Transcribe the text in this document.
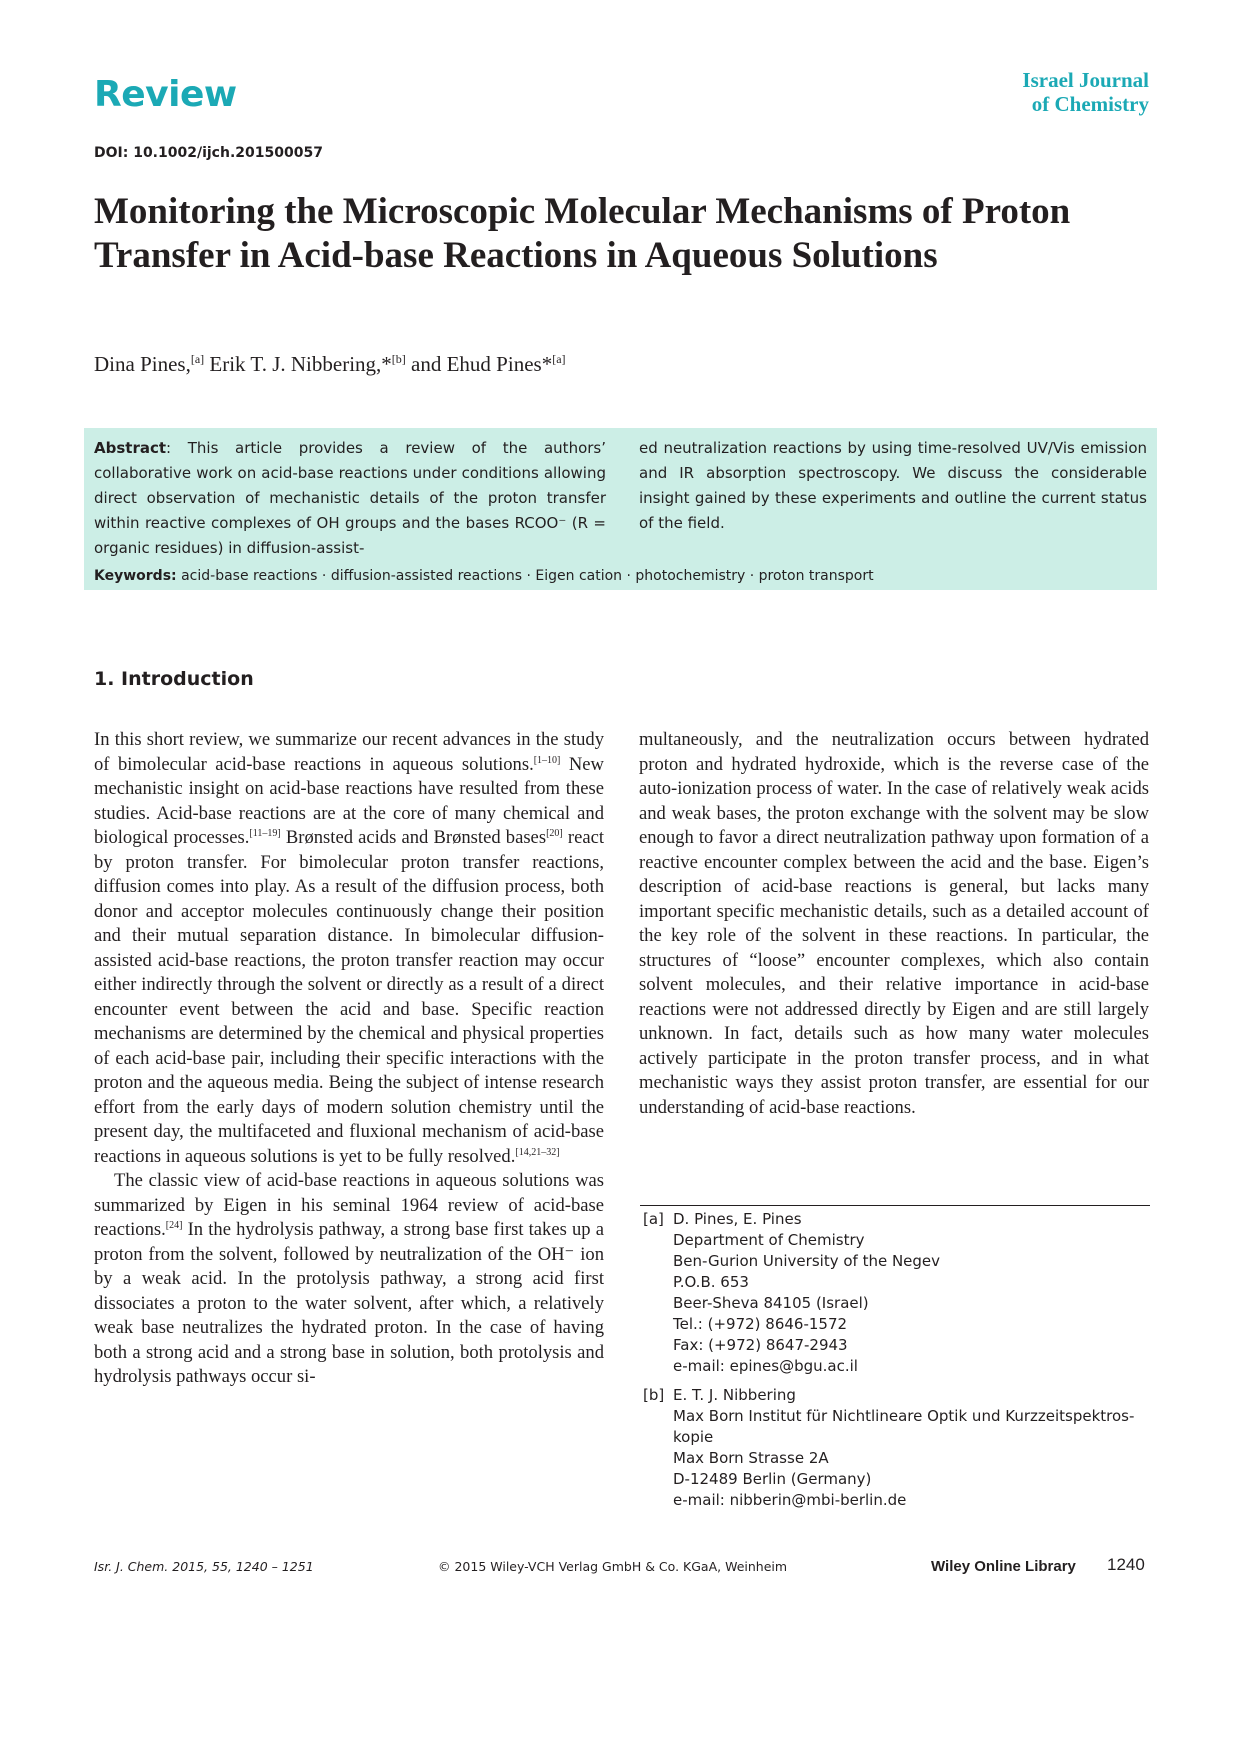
Review	Israel Journal
of Chemistry
DOI: 10.1002/ijch.201500057
Monitoring the Microscopic Molecular Mechanisms of Proton Transfer in Acid-base Reactions in Aqueous Solutions
Dina Pines,[a] Erik T. J. Nibbering,*[b] and Ehud Pines*[a]
Abstract: This article provides a review of the authors’ collaborative work on acid-base reactions under conditions allowing direct observation of mechanistic details of the proton transfer within reactive complexes of OH groups and the bases RCOO⁻ (R = organic residues) in diffusion-assist-
ed neutralization reactions by using time-resolved UV/Vis emission and IR absorption spectroscopy. We discuss the considerable insight gained by these experiments and outline the current status of the field.
Keywords: acid-base reactions · diffusion-assisted reactions · Eigen cation · photochemistry · proton transport
1. Introduction

In this short review, we summarize our recent advances in the study of bimolecular acid-base reactions in aqueous solutions.[1–10] New mechanistic insight on acid-base reactions have resulted from these studies. Acid-base reactions are at the core of many chemical and biological processes.[11–19] Brønsted acids and Brønsted bases[20] react by proton transfer. For bimolecular proton transfer reactions, diffusion comes into play. As a result of the diffusion process, both donor and acceptor molecules continuously change their position and their mutual separation distance. In bimolecular diffusion-assisted acid-base reactions, the proton transfer reaction may occur either indirectly through the solvent or directly as a result of a direct encounter event between the acid and base. Specific reaction mechanisms are determined by the chemical and physical properties of each acid-base pair, including their specific interactions with the proton and the aqueous media. Being the subject of intense research effort from the early days of modern solution chemistry until the present day, the multifaceted and fluxional mechanism of acid-base reactions in aqueous solutions is yet to be fully resolved.[14,21–32]

The classic view of acid-base reactions in aqueous solutions was summarized by Eigen in his seminal 1964 review of acid-base reactions.[24] In the hydrolysis pathway, a strong base first takes up a proton from the solvent, followed by neutralization of the OH⁻ ion by a weak acid. In the protolysis pathway, a strong acid first dissociates a proton to the water solvent, after which, a relatively weak base neutralizes the hydrated proton. In the case of having both a strong acid and a strong base in solution, both protolysis and hydrolysis pathways occur si-

multaneously, and the neutralization occurs between hydrated proton and hydrated hydroxide, which is the reverse case of the auto-ionization process of water. In the case of relatively weak acids and weak bases, the proton exchange with the solvent may be slow enough to favor a direct neutralization pathway upon formation of a reactive encounter complex between the acid and the base. Eigen’s description of acid-base reactions is general, but lacks many important specific mechanistic details, such as a detailed account of the key role of the solvent in these reactions. In particular, the structures of “loose” encounter complexes, which also contain solvent molecules, and their relative importance in acid-base reactions were not addressed directly by Eigen and are still largely unknown. In fact, details such as how many water molecules actively participate in the proton transfer process, and in what mechanistic ways they assist proton transfer, are essential for our understanding of acid-base reactions.

[a] D. Pines, E. Pines
Department of Chemistry
Ben-Gurion University of the Negev
P.O.B. 653
Beer-Sheva 84105 (Israel)
Tel.: (+972) 8646-1572
Fax: (+972) 8647-2943
e-mail: epines@bgu.ac.il
[b] E. T. J. Nibbering
Max Born Institut für Nichtlineare Optik und Kurzzeitspektros-
kopie
Max Born Strasse 2A
D-12489 Berlin (Germany)
e-mail: nibberin@mbi-berlin.de
Isr. J. Chem. 2015, 55, 1240 – 1251	© 2015 Wiley-VCH Verlag GmbH & Co. KGaA, Weinheim	Wiley Online Library 1240
